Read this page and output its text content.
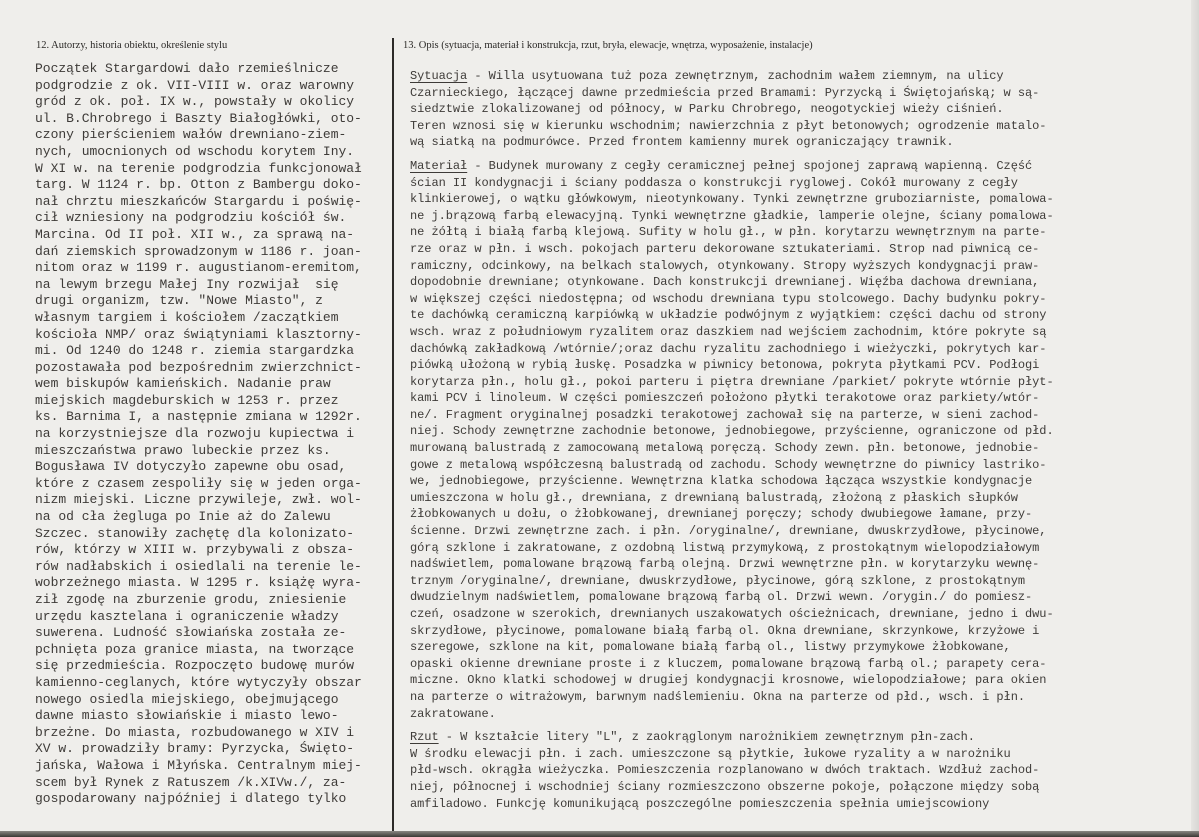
12. Autorzy, historia obiektu, określenie stylu	13. Opis (sytuacja, materiał i konstrukcja, rzut, bryła, elewacje, wnętrza, wyposażenie, instalacje)
Początek Stargardowi dało rzemieślnicze
podgrodzie z ok. VII-VIII w. oraz warowny
gród z ok. poł. IX w., powstały w okolicy
ul. B.Chrobrego i Baszty Białogłówki, oto-
czony pierścieniem wałów drewniano-ziem-
nych, umocnionych od wschodu korytem Iny.
W XI w. na terenie podgrodzia funkcjonował
targ. W 1124 r. bp. Otton z Bambergu doko-
nał chrztu mieszkańców Stargardu i poświę-
cił wzniesiony na podgrodziu kościół św.
Marcina. Od II poł. XII w., za sprawą na-
dań ziemskich sprowadzonym w 1186 r. joan-
nitom oraz w 1199 r. augustianom-eremitom,
na lewym brzegu Małej Iny rozwijał  się
drugi organizm, tzw. "Nowe Miasto", z
własnym targiem i kościołem /zaczątkiem
kościoła NMP/ oraz świątyniami klasztorny-
mi. Od 1240 do 1248 r. ziemia stargardzka
pozostawała pod bezpośrednim zwierzchnict-
wem biskupów kamieńskich. Nadanie praw
miejskich magdeburskich w 1253 r. przez
ks. Barnima I, a następnie zmiana w 1292r.
na korzystniejsze dla rozwoju kupiectwa i
mieszczaństwa prawo lubeckie przez ks.
Bogusława IV dotyczyło zapewne obu osad,
które z czasem zespoliły się w jeden orga-
nizm miejski. Liczne przywileje, zwł. wol-
na od cła żegluga po Inie aż do Zalewu
Szczec. stanowiły zachętę dla kolonizato-
rów, którzy w XIII w. przybywali z obsza-
rów nadłabskich i osiedlali na terenie le-
wobrzeżnego miasta. W 1295 r. książę wyra-
ził zgodę na zburzenie grodu, zniesienie
urzędu kasztelana i ograniczenie władzy
suwerena. Ludność słowiańska została ze-
pchnięta poza granice miasta, na tworzące
się przedmieścia. Rozpoczęto budowę murów
kamienno-ceglanych, które wytyczyły obszar
nowego osiedla miejskiego, obejmującego
dawne miasto słowiańskie i miasto lewo-
brzeżne. Do miasta, rozbudowanego w XIV i
XV w. prowadziły bramy: Pyrzycka, Święto-
jańska, Wałowa i Młyńska. Centralnym miej-
scem był Rynek z Ratuszem /k.XIVw./, za-
gospodarowany najpóźniej i dlatego tylko
Sytuacja - Willa usytuowana tuż poza zewnętrznym, zachodnim wałem ziemnym, na ulicy
Czarnieckiego, łączącej dawne przedmieścia przed Bramami: Pyrzycką i Świętojańską; w są-
siedztwie zlokalizowanej od północy, w Parku Chrobrego, neogotyckiej wieży ciśnień.
Teren wznosi się w kierunku wschodnim; nawierzchnia z płyt betonowych; ogrodzenie matalo-
wą siatką na podmurówce. Przed frontem kamienny murek ograniczający trawnik.
Materiał - Budynek murowany z cegły ceramicznej pełnej spojonej zaprawą wapienną. Część
ścian II kondygnacji i ściany poddasza o konstrukcji ryglowej. Cokół murowany z cegły
klinkierowej, o wątku główkowym, nieotynkowany. Tynki zewnętrzne gruboziarniste, pomalowa-
ne j.brązową farbą elewacyjną. Tynki wewnętrzne gładkie, lamperie olejne, ściany pomalowa-
ne żółtą i białą farbą klejową. Sufity w holu gł., w płn. korytarzu wewnętrznym na parte-
rze oraz w płn. i wsch. pokojach parteru dekorowane sztukateriami. Strop nad piwnicą ce-
ramiczny, odcinkowy, na belkach stalowych, otynkowany. Stropy wyższych kondygnacji praw-
dopodobnie drewniane; otynkowane. Dach konstrukcji drewnianej. Więźba dachowa drewniana,
w większej części niedostępna; od wschodu drewniana typu stolcowego. Dachy budynku pokry-
te dachówką ceramiczną karpiówką w układzie podwójnym z wyjątkiem: części dachu od strony
wsch. wraz z południowym ryzalitem oraz daszkiem nad wejściem zachodnim, które pokryte są
dachówką zakładkową /wtórnie/;oraz dachu ryzalitu zachodniego i wieżyczki, pokrytych kar-
piówką ułożoną w rybią łuskę. Posadzka w piwnicy betonowa, pokryta płytkami PCV. Podłogi
korytarza płn., holu gł., pokoi parteru i piętra drewniane /parkiet/ pokryte wtórnie płyt-
kami PCV i linoleum. W części pomieszczeń położono płytki terakotowe oraz parkiety/wtór-
ne/. Fragment oryginalnej posadzki terakotowej zachował się na parterze, w sieni zachod-
niej. Schody zewnętrzne zachodnie betonowe, jednobiegowe, przyścienne, ograniczone od płd.
murowaną balustradą z zamocowaną metalową poręczą. Schody zewn. płn. betonowe, jednobie-
gowe z metalową współczesną balustradą od zachodu. Schody wewnętrzne do piwnicy lastriko-
we, jednobiegowe, przyścienne. Wewnętrzna klatka schodowa łącząca wszystkie kondygnacje
umieszczona w holu gł., drewniana, z drewnianą balustradą, złożoną z płaskich słupków
żłobkowanych u dołu, o żłobkowanej, drewnianej poręczy; schody dwubiegowe łamane, przy-
ścienne. Drzwi zewnętrzne zach. i płn. /oryginalne/, drewniane, dwuskrzydłowe, płycinowe,
górą szklone i zakratowane, z ozdobną listwą przymykową, z prostokątnym wielopodziałowym
nadświetlem, pomalowane brązową farbą olejną. Drzwi wewnętrzne płn. w korytarzyku wewnę-
trznym /oryginalne/, drewniane, dwuskrzydłowe, płycinowe, górą szklone, z prostokątnym
dwudzielnym nadświetlem, pomalowane brązową farbą ol. Drzwi wewn. /orygin./ do pomiesz-
czeń, osadzone w szerokich, drewnianych uszakowatych ościeżnicach, drewniane, jedno i dwu-
skrzydłowe, płycinowe, pomalowane białą farbą ol. Okna drewniane, skrzynkowe, krzyżowe i
szeregowe, szklone na kit, pomalowane białą farbą ol., listwy przymykowe żłobkowane,
opaski okienne drewniane proste i z kluczem, pomalowane brązową farbą ol.; parapety cera-
miczne. Okno klatki schodowej w drugiej kondygnacji krosnowe, wielopodziałowe; para okien
na parterze o witrażowym, barwnym nadślemieniu. Okna na parterze od płd., wsch. i płn.
zakratowane.
Rzut - W kształcie litery "L", z zaokrąglonym narożnikiem zewnętrznym płn-zach.
W środku elewacji płn. i zach. umieszczone są płytkie, łukowe ryzality a w narożniku
płd-wsch. okrągła wieżyczka. Pomieszczenia rozplanowano w dwóch traktach. Wzdłuż zachod-
niej, północnej i wschodniej ściany rozmieszczono obszerne pokoje, połączone między sobą
amfiladowo. Funkcję komunikującą poszczególne pomieszczenia spełnia umiejscowiony
